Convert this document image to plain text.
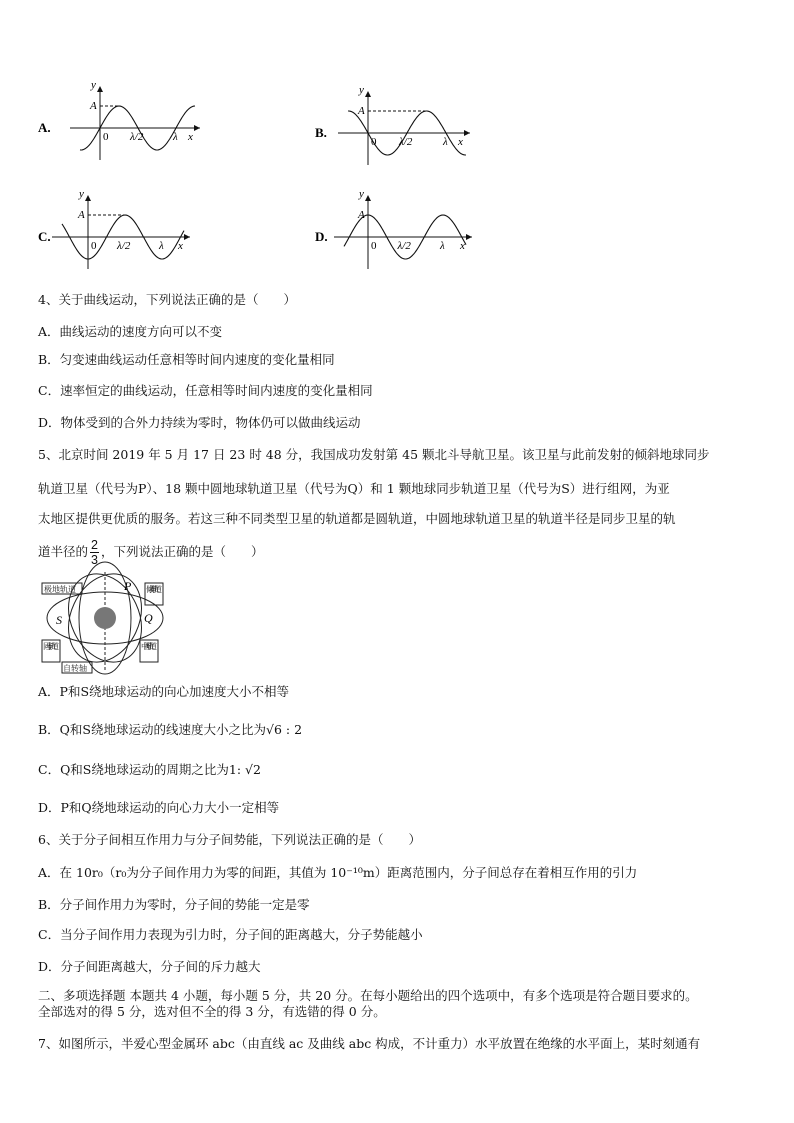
A.
y
A
0 λ/2	λ x	B.
y
A
0 λ/2	λ x
C.
y
A
0 λ/2	λ x
D.
y
A
0 λ/2	λ x
4、关于曲线运动，下列说法正确的是（　　）
A．曲线运动的速度方向可以不变
B．匀变速曲线运动任意相等时间内速度的变化量相同
C．速率恒定的曲线运动，任意相等时间内速度的变化量相同
D．物体受到的合外力持续为零时，物体仍可以做曲线运动
5、北京时间 2019 年 5 月 17 日 23 时 48 分，我国成功发射第 45 颗北斗导航卫星。该卫星与此前发射的倾斜地球同步
轨道卫星（代号为P）、18 颗中圆地球轨道卫星（代号为Q）和 1 颗地球同步轨道卫星（代号为S）进行组网，为亚
太地区提供更优质的服务。若这三种不同类型卫星的轨道都是圆轨道，中圆地球轨道卫星的轨道半径是同步卫星的轨
道半径的 $\frac{2}{3}$ ，下列说法正确的是（　　）
极地轨道	倾斜轨道
同步轨道	中圆轨道
自转轴
P
Q
S
A．P和S绕地球运动的向心加速度大小不相等
B．Q和S绕地球运动的线速度大小之比为√6 : 2
C．Q和S绕地球运动的周期之比为1: √2
D．P和Q绕地球运动的向心力大小一定相等
6、关于分子间相互作用力与分子间势能，下列说法正确的是（　　）
A．在 10r₀（r₀为分子间作用力为零的间距，其值为 10⁻¹⁰m）距离范围内，分子间总存在着相互作用的引力
B．分子间作用力为零时，分子间的势能一定是零
C．当分子间作用力表现为引力时，分子间的距离越大，分子势能越小
D．分子间距离越大，分子间的斥力越大
二、多项选择题 本题共 4 小题，每小题 5 分，共 20 分。在每小题给出的四个选项中，有多个选项是符合题目要求的。
全部选对的得 5 分，选对但不全的得 3 分，有选错的得 0 分。
7、如图所示，半爱心型金属环 abc（由直线 ac 及曲线 abc 构成，不计重力）水平放置在绝缘的水平面上，某时刻通有
